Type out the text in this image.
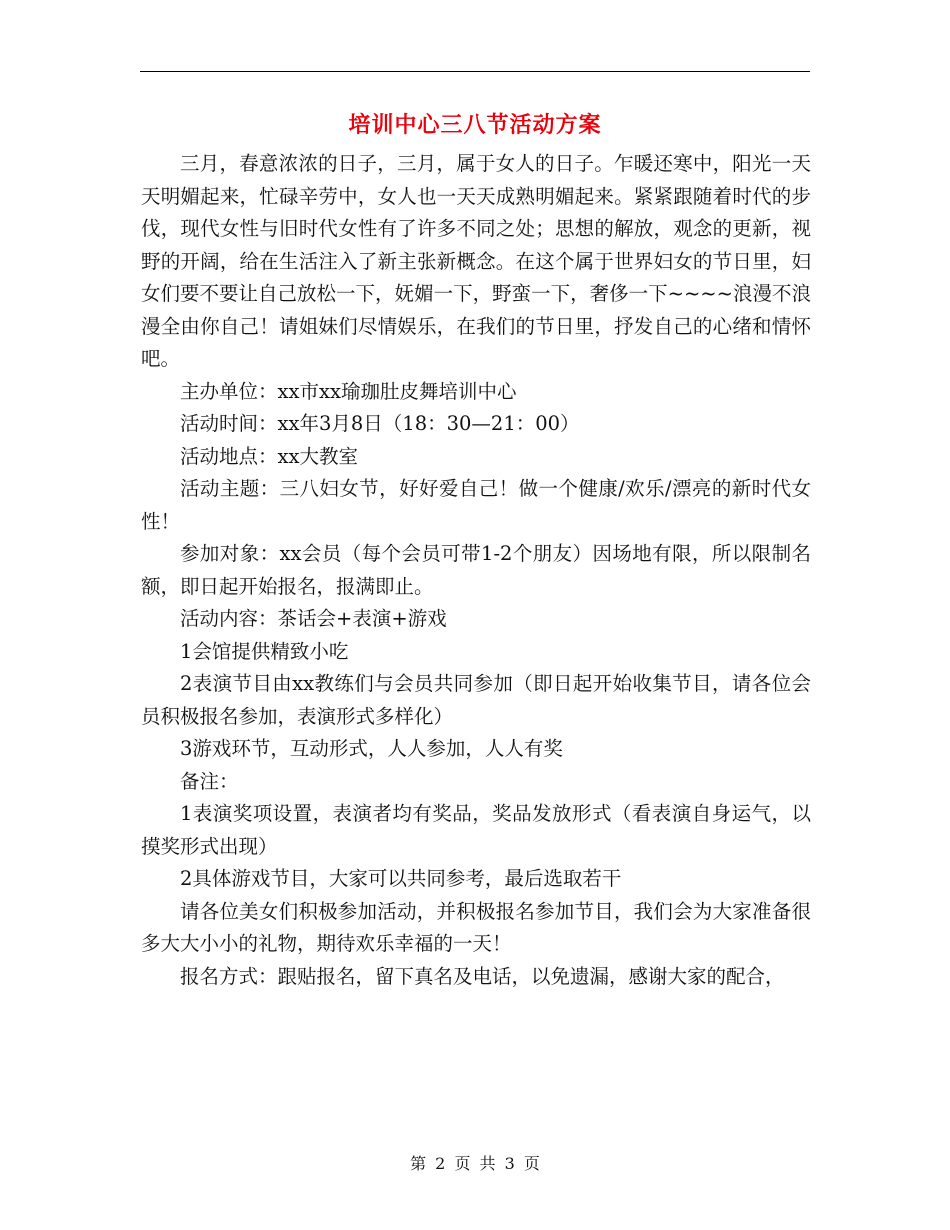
培训中心三八节活动方案

三月，春意浓浓的日子，三月，属于女人的日子。乍暖还寒中，阳光一天天明媚起来，忙碌辛劳中，女人也一天天成熟明媚起来。紧紧跟随着时代的步伐，现代女性与旧时代女性有了许多不同之处；思想的解放，观念的更新，视野的开阔，给在生活注入了新主张新概念。在这个属于世界妇女的节日里，妇女们要不要让自己放松一下，妩媚一下，野蛮一下，奢侈一下~~~~浪漫不浪漫全由你自己！请姐妹们尽情娱乐，在我们的节日里，抒发自己的心绪和情怀吧。

主办单位：xx市xx瑜珈肚皮舞培训中心

活动时间：xx年3月8日（18：30—21：00）

活动地点：xx大教室

活动主题：三八妇女节，好好爱自己！做一个健康/欢乐/漂亮的新时代女性！

参加对象：xx会员（每个会员可带1-2个朋友）因场地有限，所以限制名额，即日起开始报名，报满即止。

活动内容：茶话会+表演+游戏

1会馆提供精致小吃

2表演节目由xx教练们与会员共同参加（即日起开始收集节目，请各位会员积极报名参加，表演形式多样化）

3游戏环节，互动形式，人人参加，人人有奖

备注：

1表演奖项设置，表演者均有奖品，奖品发放形式（看表演自身运气，以摸奖形式出现）

2具体游戏节目，大家可以共同参考，最后选取若干

请各位美女们积极参加活动，并积极报名参加节目，我们会为大家准备很多大大小小的礼物，期待欢乐幸福的一天！

报名方式：跟贴报名，留下真名及电话，以免遗漏，感谢大家的配合，

第 2 页 共 3 页
